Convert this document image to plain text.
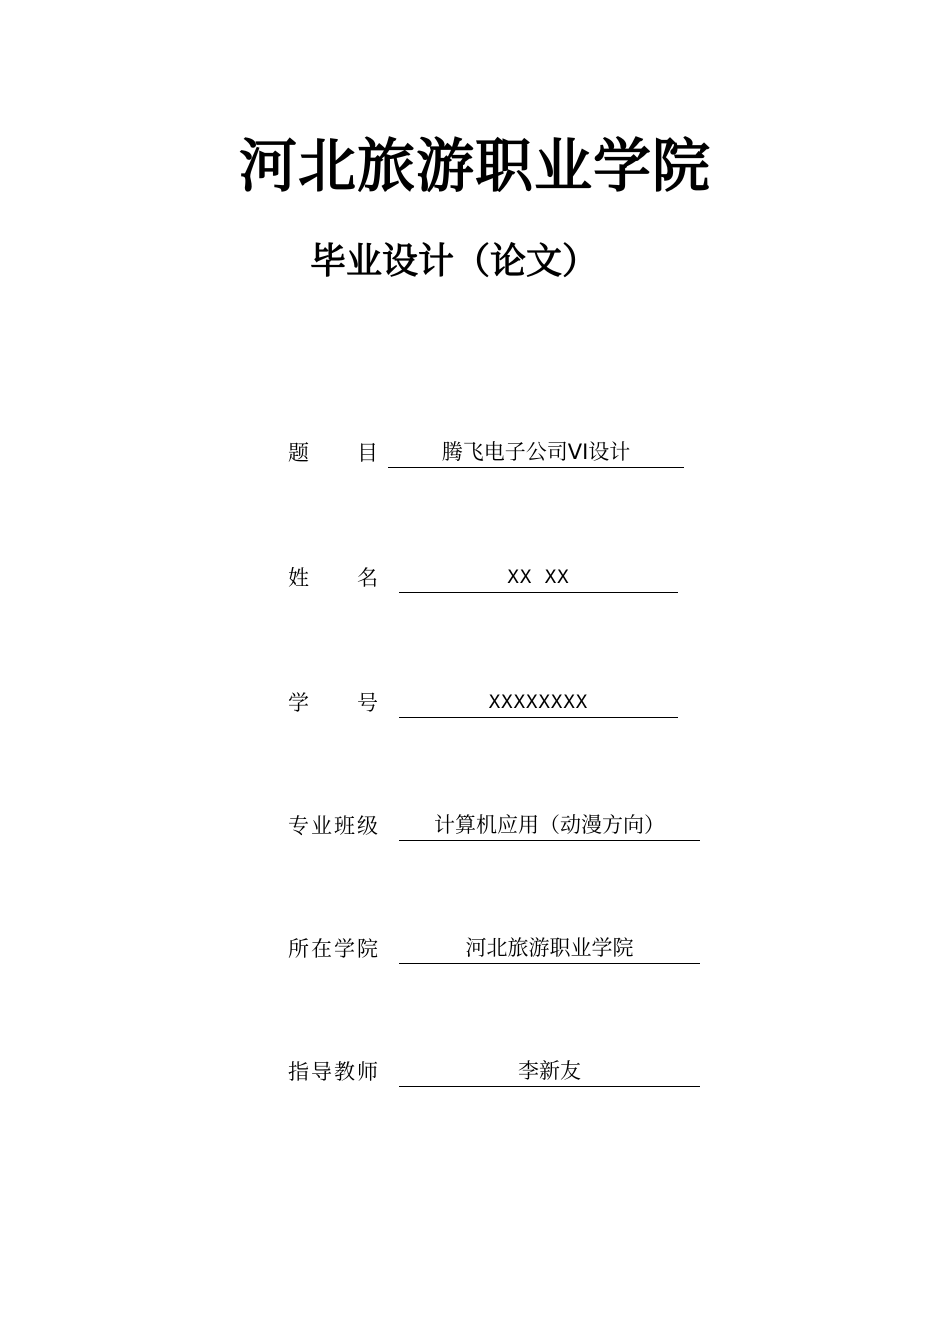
河北旅游职业学院
毕业设计（论文）
题 目	腾飞电子公司VI设计
姓 名	XX XX
学 号	XXXXXXXX
专 业 班 级	计算机应用（动漫方向）
所 在 学 院	河北旅游职业学院
指 导 教 师	李新友
